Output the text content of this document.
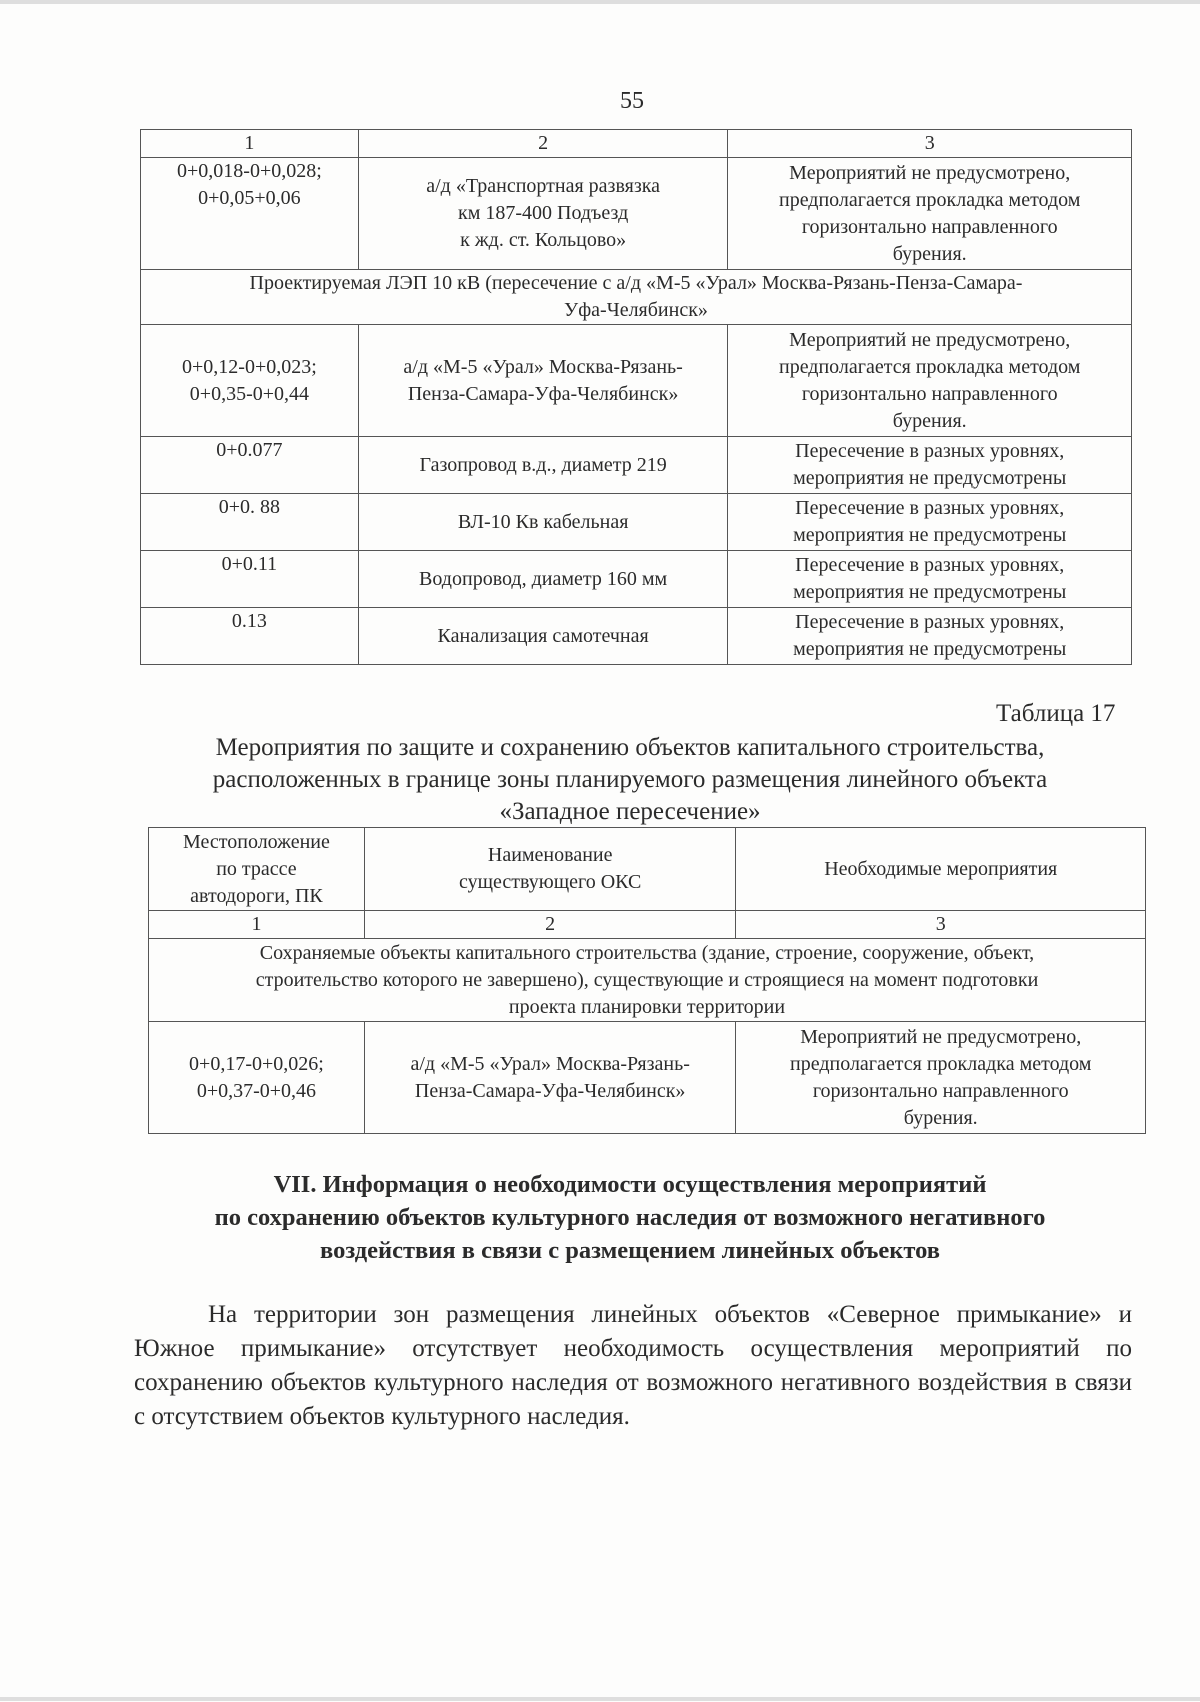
55
1	2	3
0+0,018-0+0,028;
0+0,05+0,06	а/д «Транспортная развязка
км 187-400 Подъезд
к жд. ст. Кольцово»	Мероприятий не предусмотрено,
предполагается прокладка методом
горизонтально направленного
бурения.
Проектируемая ЛЭП 10 кВ (пересечение с а/д «М-5 «Урал» Москва-Рязань-Пенза-Самара-
Уфа-Челябинск»		
0+0,12-0+0,023;
0+0,35-0+0,44	а/д «М-5 «Урал» Москва-Рязань-
Пенза-Самара-Уфа-Челябинск»	Мероприятий не предусмотрено,
предполагается прокладка методом
горизонтально направленного
бурения.
0+0.077	Газопровод в.д., диаметр 219	Пересечение в разных уровнях,
мероприятия не предусмотрены
0+0. 88	ВЛ-10 Кв кабельная	Пересечение в разных уровнях,
мероприятия не предусмотрены
0+0.11	Водопровод, диаметр 160 мм	Пересечение в разных уровнях,
мероприятия не предусмотрены
0.13	Канализация самотечная	Пересечение в разных уровнях,
мероприятия не предусмотрены
Таблица 17
Мероприятия по защите и сохранению объектов капитального строительства,
расположенных в границе зоны планируемого размещения линейного объекта
«Западное пересечение»
Местоположение
по трассе
автодороги, ПК	Наименование
существующего ОКС	Необходимые мероприятия
1	2	3
Сохраняемые объекты капитального строительства (здание, строение, сооружение, объект,
строительство которого не завершено), существующие и строящиеся на момент подготовки
проекта планировки территории		
0+0,17-0+0,026;
0+0,37-0+0,46	а/д «М-5 «Урал» Москва-Рязань-
Пенза-Самара-Уфа-Челябинск»	Мероприятий не предусмотрено,
предполагается прокладка методом
горизонтально направленного
бурения.
VII. Информация о необходимости осуществления мероприятий
по сохранению объектов культурного наследия от возможного негативного
воздействия в связи с размещением линейных объектов
На территории зон размещения линейных объектов «Северное примыкание» и Южное примыкание» отсутствует необходимость осуществления мероприятий по сохранению объектов культурного наследия от возможного негативного воздействия в связи с отсутствием объектов культурного наследия.
